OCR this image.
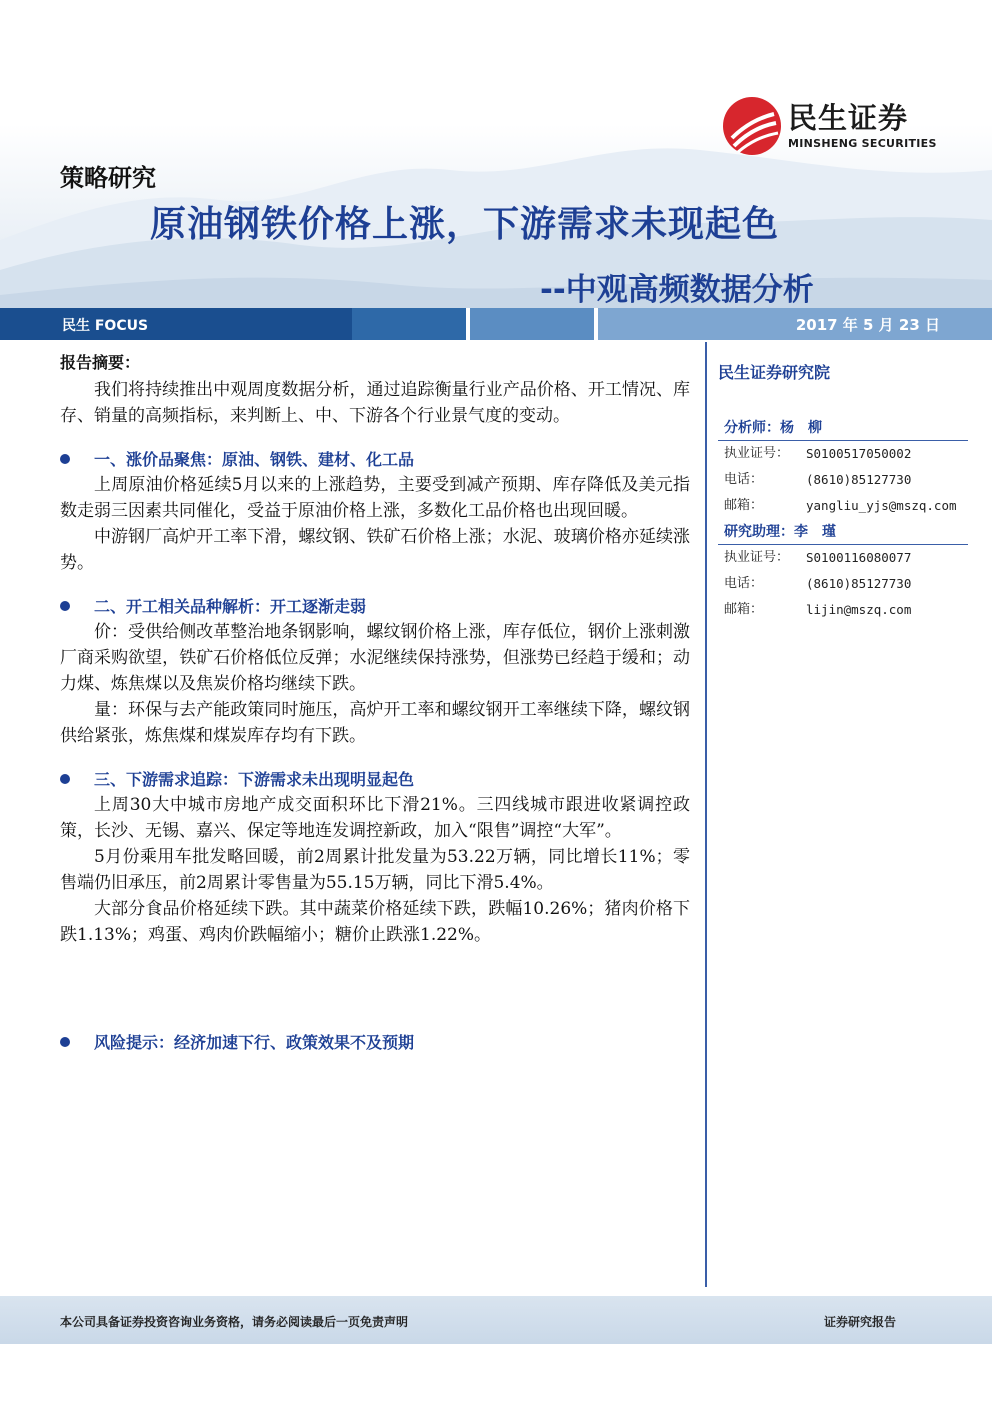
民生证券
MINSHENG SECURITIES
策略研究
原油钢铁价格上涨，下游需求未现起色
--中观高频数据分析
民生 FOCUS	2017 年 5 月 23 日
报告摘要：

我们将持续推出中观周度数据分析，通过追踪衡量行业产品价格、开工情况、库存、销量的高频指标，来判断上、中、下游各个行业景气度的变动。

一、涨价品聚焦：原油、钢铁、建材、化工品

上周原油价格延续5月以来的上涨趋势，主要受到减产预期、库存降低及美元指数走弱三因素共同催化，受益于原油价格上涨，多数化工品价格也出现回暖。

中游钢厂高炉开工率下滑，螺纹钢、铁矿石价格上涨；水泥、玻璃价格亦延续涨势。

二、开工相关品种解析：开工逐渐走弱

价：受供给侧改革整治地条钢影响，螺纹钢价格上涨，库存低位，钢价上涨刺激厂商采购欲望，铁矿石价格低位反弹；水泥继续保持涨势，但涨势已经趋于缓和；动力煤、炼焦煤以及焦炭价格均继续下跌。

量：环保与去产能政策同时施压，高炉开工率和螺纹钢开工率继续下降，螺纹钢供给紧张，炼焦煤和煤炭库存均有下跌。

三、下游需求追踪：下游需求未出现明显起色

上周30大中城市房地产成交面积环比下滑21%。三四线城市跟进收紧调控政策，长沙、无锡、嘉兴、保定等地连发调控新政，加入“限售”调控“大军”。

5月份乘用车批发略回暖，前2周累计批发量为53.22万辆，同比增长11%；零售端仍旧承压，前2周累计零售量为55.15万辆，同比下滑5.4%。

大部分食品价格延续下跌。其中蔬菜价格延续下跌，跌幅10.26%；猪肉价格下跌1.13%；鸡蛋、鸡肉价跌幅缩小；糖价止跌涨1.22%。

风险提示：经济加速下行、政策效果不及预期
民生证券研究院
分析师：杨　柳
执业证号：	S0100517050002
电话：	(8610)85127730
邮箱：	yangliu_yjs@mszq.com
研究助理：李　瑾
执业证号：	S0100116080077
电话：	(8610)85127730
邮箱：	lijin@mszq.com
本公司具备证券投资咨询业务资格，请务必阅读最后一页免责声明	证券研究报告
